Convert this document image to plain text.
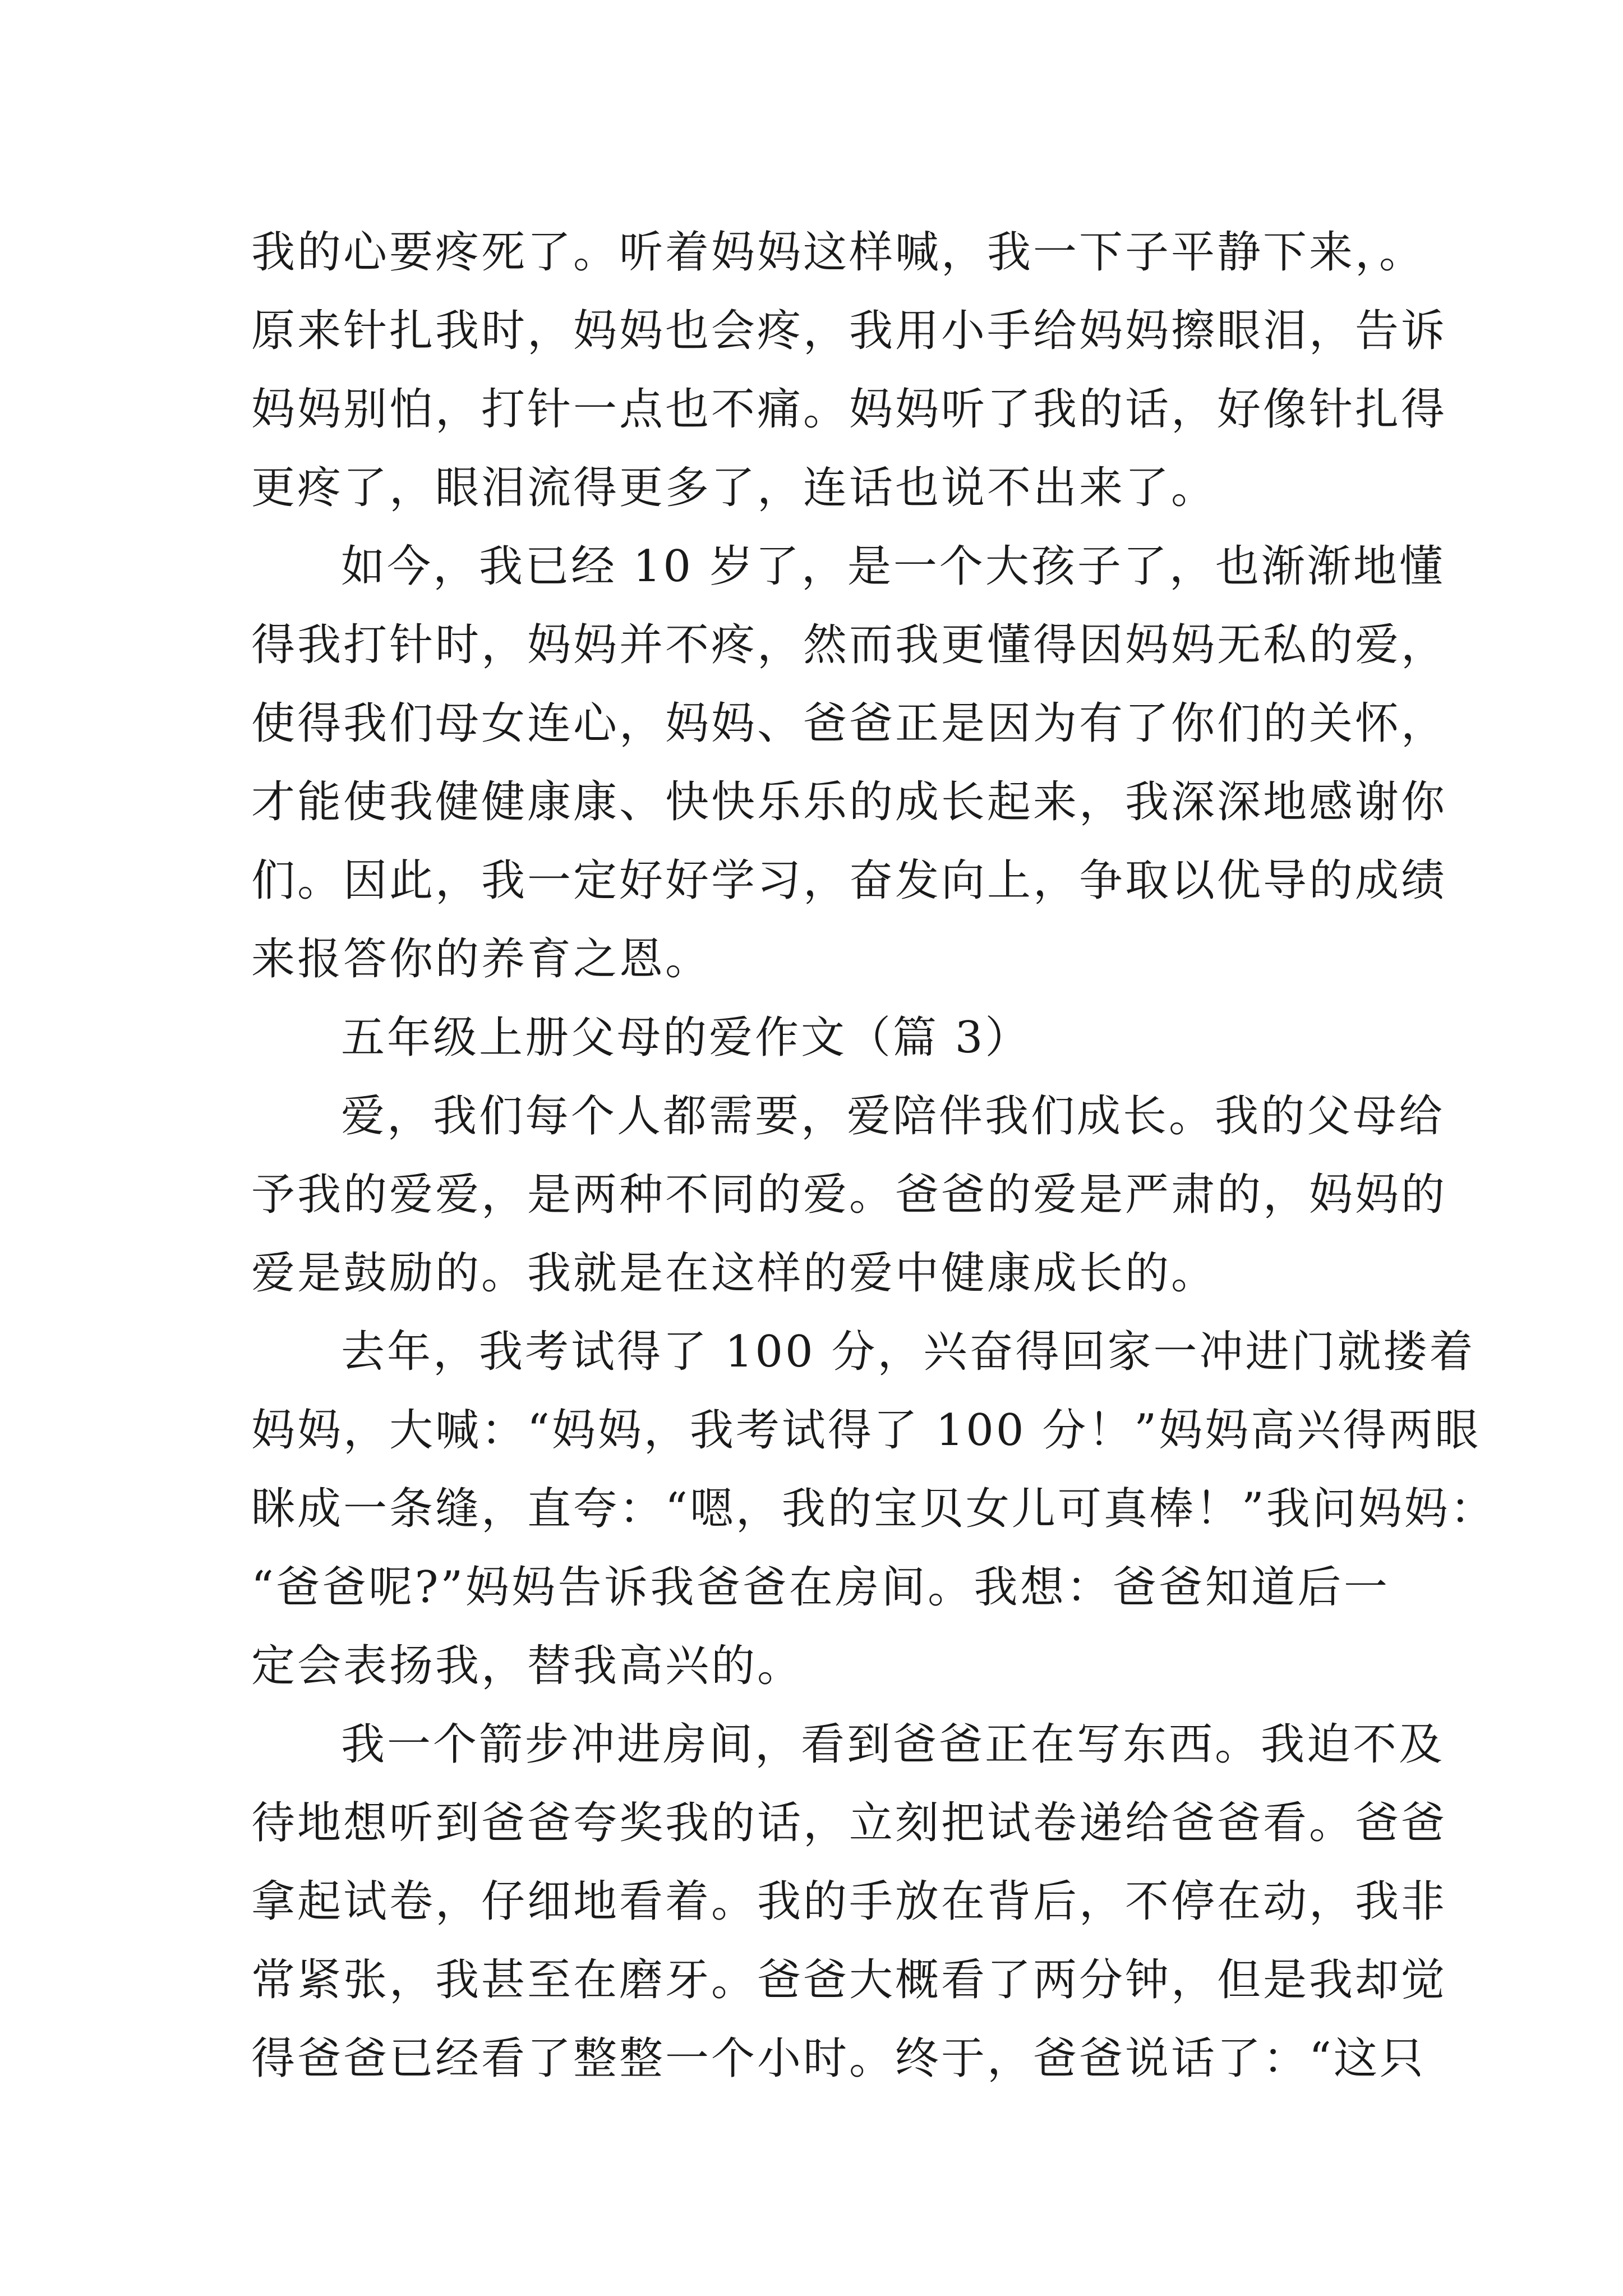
我的心要疼死了。听着妈妈这样喊，我一下子平静下来，。
原来针扎我时，妈妈也会疼，我用小手给妈妈擦眼泪，告诉
妈妈别怕，打针一点也不痛。妈妈听了我的话，好像针扎得
更疼了，眼泪流得更多了，连话也说不出来了。
如今，我已经 10 岁了，是一个大孩子了，也渐渐地懂
得我打针时，妈妈并不疼，然而我更懂得因妈妈无私的爱，
使得我们母女连心，妈妈、爸爸正是因为有了你们的关怀，
才能使我健健康康、快快乐乐的成长起来，我深深地感谢你
们。因此，我一定好好学习，奋发向上，争取以优导的成绩
来报答你的养育之恩。
五年级上册父母的爱作文（篇 3）
爱，我们每个人都需要，爱陪伴我们成长。我的父母给
予我的爱爱，是两种不同的爱。爸爸的爱是严肃的，妈妈的
爱是鼓励的。我就是在这样的爱中健康成长的。
去年，我考试得了 100 分，兴奋得回家一冲进门就搂着
妈妈，大喊：“妈妈，我考试得了 100 分！”妈妈高兴得两眼
眯成一条缝，直夸：“嗯，我的宝贝女儿可真棒！”我问妈妈：
“爸爸呢?”妈妈告诉我爸爸在房间。我想：爸爸知道后一
定会表扬我，替我高兴的。
我一个箭步冲进房间，看到爸爸正在写东西。我迫不及
待地想听到爸爸夸奖我的话，立刻把试卷递给爸爸看。爸爸
拿起试卷，仔细地看着。我的手放在背后，不停在动，我非
常紧张，我甚至在磨牙。爸爸大概看了两分钟，但是我却觉
得爸爸已经看了整整一个小时。终于，爸爸说话了：“这只
